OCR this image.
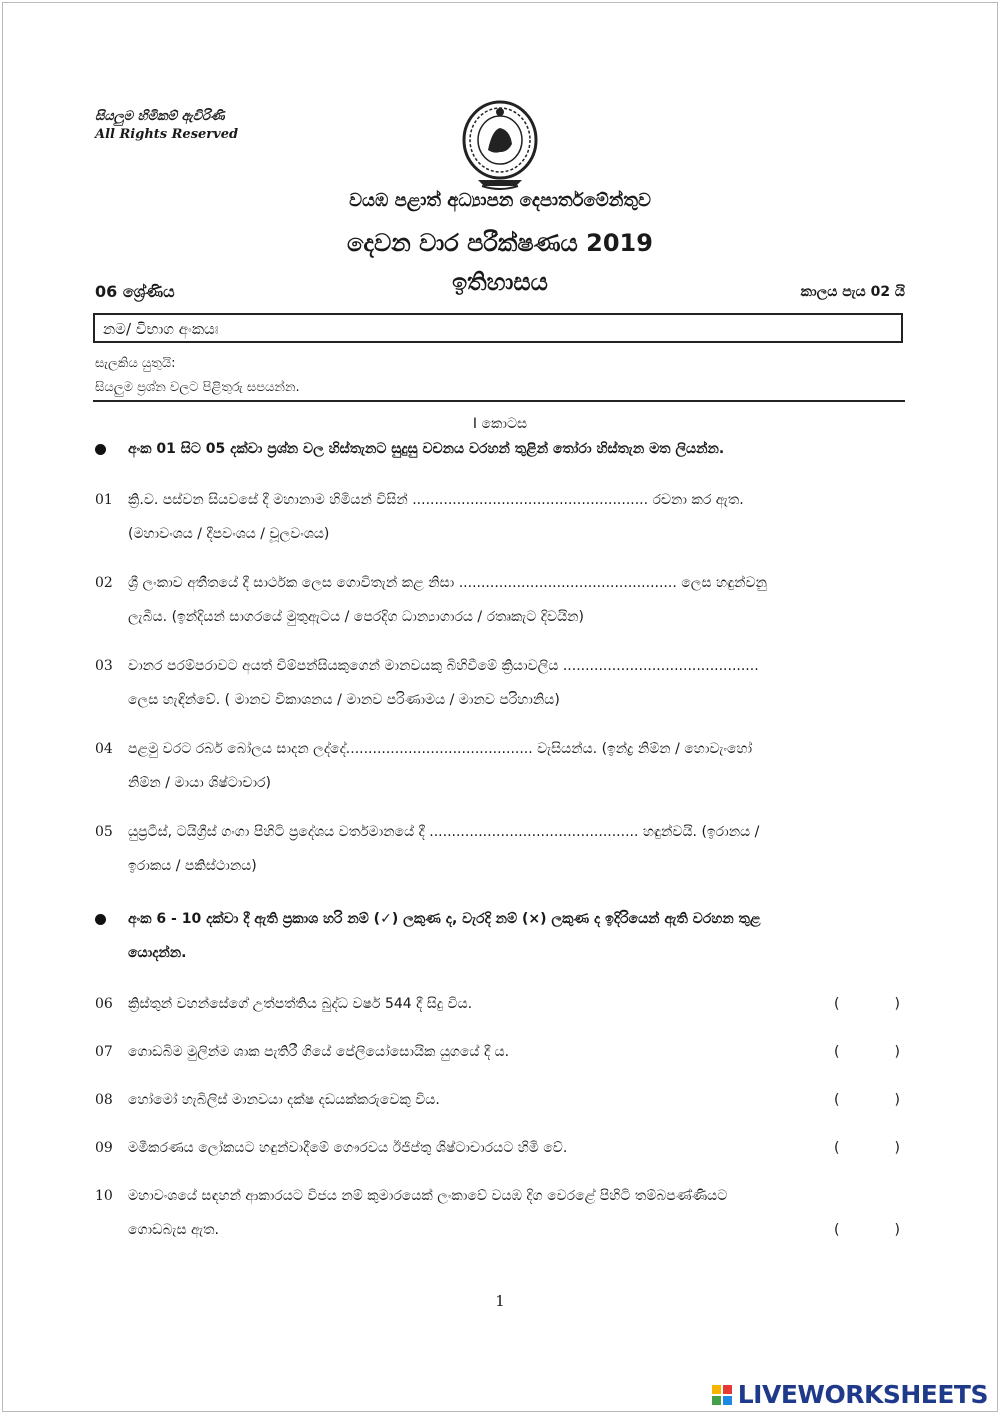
සියලුම හිමිකම් ඇවිරිණි
All Rights Reserved
වයඹ පළාත් අධ්‍යාපන දෙපාර්තමේන්තුව
දෙවන වාර පරීක්ෂණය 2019
06 ශ්‍රේණිය	ඉතිහාසය	කාලය පැය 02 යි
නම/ විභාග අංකයඃ
සැලකිය යුතුයි:
සියලුම ප්‍රශ්න වලට පිළිතුරු සපයන්න.
I කොටස
අංක 01 සිට 05 දක්වා ප්‍රශ්න වල හිස්තැනට සුදුසු වචනය වරහන් තුළින් තෝරා හිස්තැන මත ලියන්න.
01 ක්‍රි.ව. පස්වන සියවසේ දී මහානාම හිමියන් විසින් ..................................................... රචනා කර ඇත.
(මහාවංශය / දීපවංශය / චූලවංශය)
02 ශ්‍රී ලංකාව අතීතයේ දී සාර්ථක ලෙස ගොවිතැන් කළ නිසා ................................................. ලෙස හඳුන්වනු
ලැබීය. (ඉන්දියන් සාගරයේ මුතුඇටය / පෙරදිග ධාන්‍යාගාරය / රත්‍රුකැට දිවයින)
03 වානර පරම්පරාවට අයත් චිම්පන්සියකුගෙන් මානවයකු බිහිවීමේ ක්‍රියාවලිය ............................................
ලෙස හැඳින්වේ. ( මානව විකාශනය / මානව පරිණාමය / මානව පරිහානිය)
04 පළමු වරට රබර් බෝලය සාදන ලද්දේ.......................................... වැසියන්ය. (ඉන්ද්‍ර නිම්න / හොවැංහෝ
නිම්න / මායා ශිෂ්ටාචාර)
05 යුප්‍රටීස්, ටයිග්‍රීස් ගංගා පිහිටි ප්‍රදේශය වර්තමානයේ දී ............................................... හඳුන්වයි. (ඉරානය /
ඉරාකය / පකිස්ථානය)
අංක 6 - 10 දක්වා දී ඇති ප්‍රකාශ හරි නම් (✓) ලකුණ ද, වැරදි නම් (×) ලකුණ ද ඉදිරියෙන් ඇති වරහන තුළ
යොදන්න.
06 ක්‍රිස්තුන් වහන්සේගේ උත්පත්තිය බුද්ධ වර්ෂ 544 දී සිදු විය.	(	)
07 ගොඩබිම මුලින්ම ශාක පැතිරී ගියේ පේලියෝසොයික යුගයේ දී ය.	(	)
08 හෝමෝ හැබිලිස් මානවයා දක්ෂ දඩයක්කරුවෙකු විය.	(	)
09 මමීකරණය ලෝකයට හඳුන්වාදීමේ ගෞරවය ඊජිප්තු ශිෂ්ටාචාරයට හිමි වේ.	(	)
10 මහාවංශයේ සඳහන් ආකාරයට විජය නම් කුමාරයෙක් ලංකාවේ වයඹ දිග වෙරළේ පිහිටි තම්බපණ්ණියට
ගොඩබැස ඇත.	(	)
1
LIVEWORKSHEETS
